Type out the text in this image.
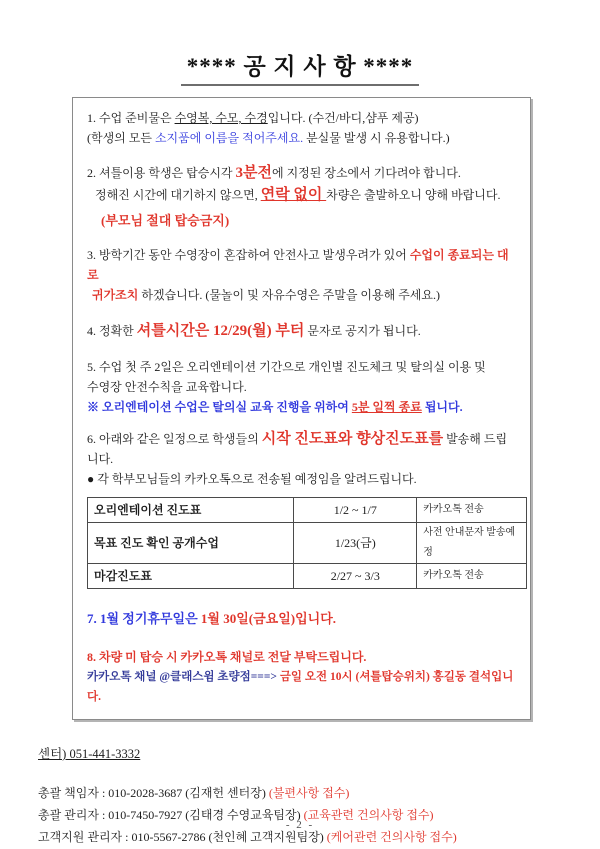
**** 공 지 사 항 ****
1. 수업 준비물은 수영복, 수모, 수경입니다. (수건/바디,샴푸 제공)
(학생의 모든 소지품에 이름을 적어주세요. 분실물 발생 시 유용합니다.)
2. 셔틀이용 학생은 탑승시각 3분전에 지정된 장소에서 기다려야 합니다.
정해진 시간에 대기하지 않으면, 연락 없이 차량은 출발하오니 양해 바랍니다.
(부모님 절대 탑승금지)
3. 방학기간 동안 수영장이 혼잡하여 안전사고 발생우려가 있어 수업이 종료되는 대로
귀가조치 하겠습니다. (물놀이 및 자유수영은 주말을 이용해 주세요.)
4. 정확한 셔틀시간은 12/29(월) 부터 문자로 공지가 됩니다.
5. 수업 첫 주 2일은 오리엔테이션 기간으로 개인별 진도체크 및 탈의실 이용 및
수영장 안전수칙을 교육합니다.
※ 오리엔테이션 수업은 탈의실 교육 진행을 위하여 5분 일찍 종료 됩니다.
6. 아래와 같은 일정으로 학생들의 시작 진도표와 향상진도표를 발송해 드립니다.
● 각 학부모님들의 카카오톡으로 전송될 예정임을 알려드립니다.
오리엔테이션 진도표	1/2 ~ 1/7	카카오톡 전송
목표 진도 확인 공개수업	1/23(금)	사전 안내문자 발송예정
마감진도표	2/27 ~ 3/3	카카오톡 전송
7. 1월 정기휴무일은 1월 30일(금요일)입니다.
8. 차량 미 탑승 시 카카오톡 채널로 전달 부탁드립니다.
카카오톡 채널 @클래스윔 초량점===> 금일 오전 10시 (셔틀탑승위치) 홍길동 결석입니다.
센터) 051-441-3332
총괄 책임자 : 010-2028-3687 (김재헌 센터장) (불편사항 접수)
총괄 관리자 : 010-7450-7927 (김태경 수영교육팀장) (교육관련 건의사항 접수)
고객지원 관리자 : 010-5567-2786 (천인혜 고객지원팀장) (케어관련 건의사항 접수)
- 2 -
